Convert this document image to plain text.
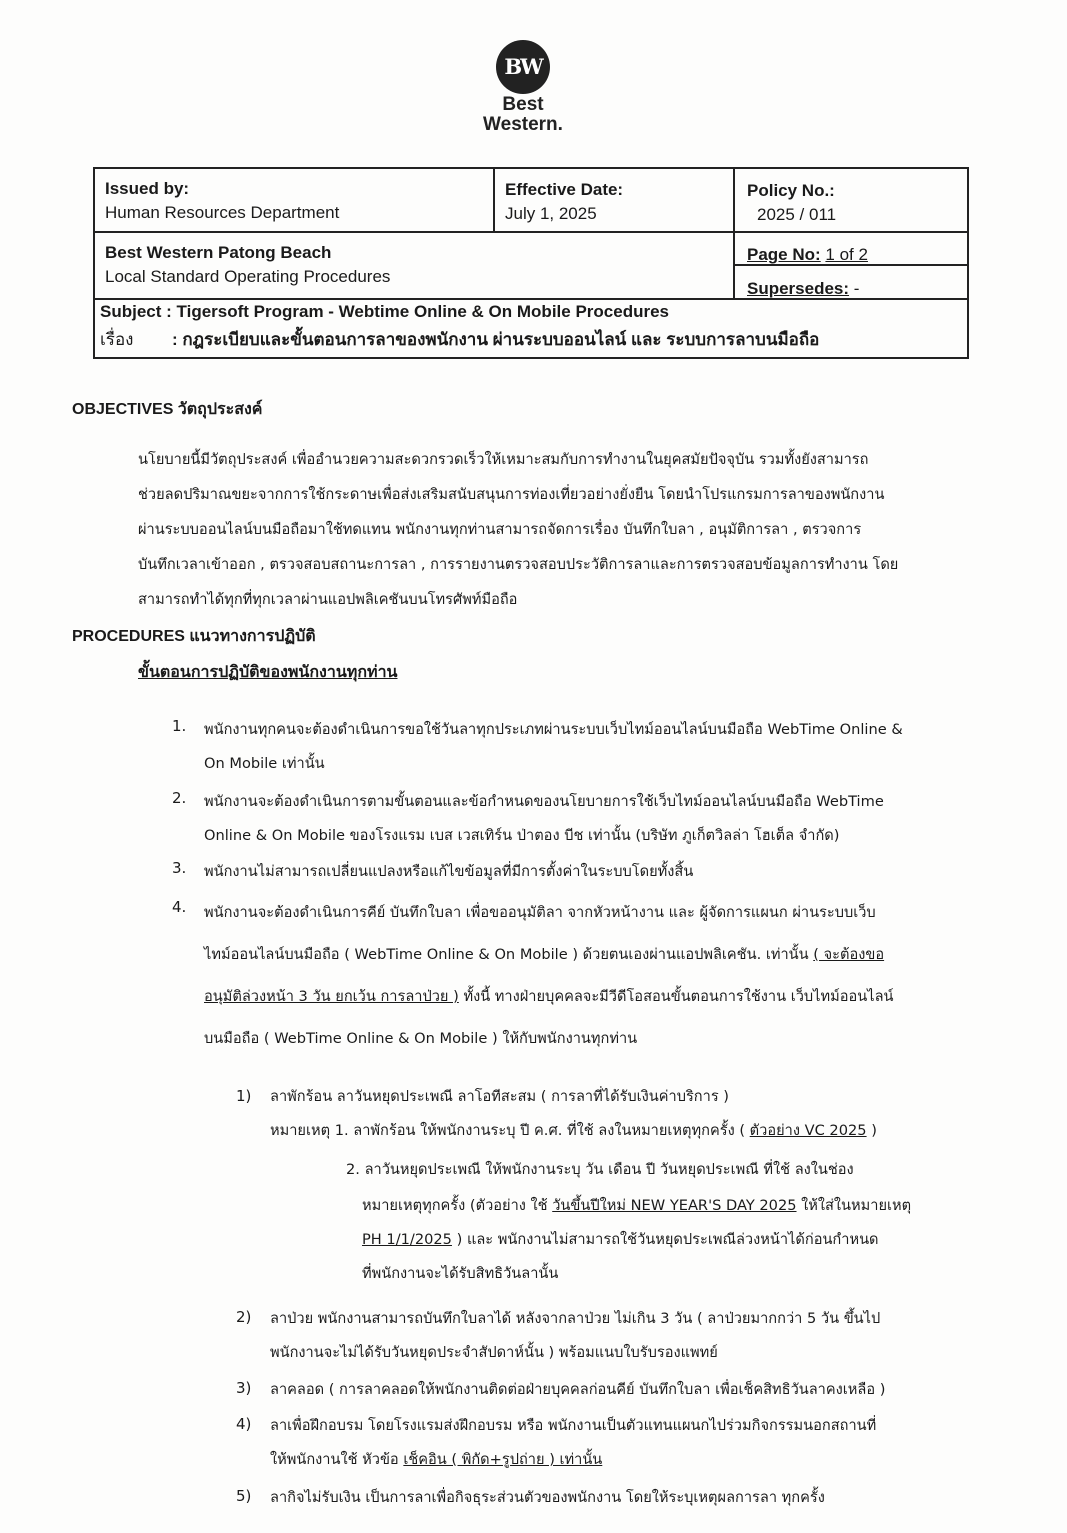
BW
Best
Western.
Issued by:
Human Resources Department
Effective Date:
July 1, 2025
Policy No.:
2025 / 011
Best Western Patong Beach
Local Standard Operating Procedures
Page No: 1 of 2
Supersedes: -
Subject : Tigersoft Program - Webtime Online & On Mobile Procedures
เรื่อง : กฎระเบียบและขั้นตอนการลาของพนักงาน ผ่านระบบออนไลน์ และ ระบบการลาบนมือถือ
OBJECTIVES วัตถุประสงค์
นโยบายนี้มีวัตถุประสงค์ เพื่ออำนวยความสะดวกรวดเร็วให้เหมาะสมกับการทำงานในยุคสมัยปัจจุบัน รวมทั้งยังสามารถ
ช่วยลดปริมาณขยะจากการใช้กระดาษเพื่อส่งเสริมสนับสนุนการท่องเที่ยวอย่างยั่งยืน โดยนำโปรแกรมการลาของพนักงาน
ผ่านระบบออนไลน์บนมือถือมาใช้ทดแทน พนักงานทุกท่านสามารถจัดการเรื่อง บันทึกใบลา , อนุมัติการลา , ตรวจการ
บันทึกเวลาเข้าออก , ตรวจสอบสถานะการลา , การรายงานตรวจสอบประวัติการลาและการตรวจสอบข้อมูลการทำงาน โดย
สามารถทำได้ทุกที่ทุกเวลาผ่านแอปพลิเคชันบนโทรศัพท์มือถือ
PROCEDURES แนวทางการปฏิบัติ
ขั้นตอนการปฏิบัติของพนักงานทุกท่าน
1. พนักงานทุกคนจะต้องดำเนินการขอใช้วันลาทุกประเภทผ่านระบบเว็บไทม์ออนไลน์บนมือถือ WebTime Online &
On Mobile เท่านั้น
2. พนักงานจะต้องดำเนินการตามขั้นตอนและข้อกำหนดของนโยบายการใช้เว็บไทม์ออนไลน์บนมือถือ WebTime
Online & On Mobile ของโรงแรม เบส เวสเทิร์น ป่าตอง บีช เท่านั้น (บริษัท ภูเก็ตวิลล่า โฮเต็ล จำกัด)
3. พนักงานไม่สามารถเปลี่ยนแปลงหรือแก้ไขข้อมูลที่มีการตั้งค่าในระบบโดยทั้งสิ้น
4. พนักงานจะต้องดำเนินการคีย์ บันทึกใบลา เพื่อขออนุมัติลา จากหัวหน้างาน และ ผู้จัดการแผนก ผ่านระบบเว็บ
ไทม์ออนไลน์บนมือถือ ( WebTime Online & On Mobile ) ด้วยตนเองผ่านแอปพลิเคชัน. เท่านั้น ( จะต้องขอ
อนุมัติล่วงหน้า 3 วัน ยกเว้น การลาป่วย ) ทั้งนี้ ทางฝ่ายบุคคลจะมีวีดีโอสอนขั้นตอนการใช้งาน เว็บไทม์ออนไลน์
บนมือถือ ( WebTime Online & On Mobile ) ให้กับพนักงานทุกท่าน
1) ลาพักร้อน ลาวันหยุดประเพณี ลาโอทีสะสม ( การลาที่ได้รับเงินค่าบริการ )
หมายเหตุ 1. ลาพักร้อน ให้พนักงานระบุ ปี ค.ศ. ที่ใช้ ลงในหมายเหตุทุกครั้ง ( ตัวอย่าง VC 2025 )
2. ลาวันหยุดประเพณี ให้พนักงานระบุ วัน เดือน ปี วันหยุดประเพณี ที่ใช้ ลงในช่อง
หมายเหตุทุกครั้ง (ตัวอย่าง ใช้ วันขึ้นปีใหม่ NEW YEAR'S DAY 2025 ให้ใส่ในหมายเหตุ
PH 1/1/2025 ) และ พนักงานไม่สามารถใช้วันหยุดประเพณีล่วงหน้าได้ก่อนกำหนด
ที่พนักงานจะได้รับสิทธิวันลานั้น
2) ลาป่วย พนักงานสามารถบันทึกใบลาได้ หลังจากลาป่วย ไม่เกิน 3 วัน ( ลาป่วยมากกว่า 5 วัน ขึ้นไป
พนักงานจะไม่ได้รับวันหยุดประจำสัปดาห์นั้น ) พร้อมแนบใบรับรองแพทย์
3) ลาคลอด ( การลาคลอดให้พนักงานติดต่อฝ่ายบุคคลก่อนคีย์ บันทึกใบลา เพื่อเช็คสิทธิวันลาคงเหลือ )
4) ลาเพื่อฝึกอบรม โดยโรงแรมส่งฝึกอบรม หรือ พนักงานเป็นตัวแทนแผนกไปร่วมกิจกรรมนอกสถานที่
ให้พนักงานใช้ หัวข้อ เช็คอิน ( พิกัด+รูปถ่าย ) เท่านั้น
5) ลากิจไม่รับเงิน เป็นการลาเพื่อกิจธุระส่วนตัวของพนักงาน โดยให้ระบุเหตุผลการลา ทุกครั้ง
